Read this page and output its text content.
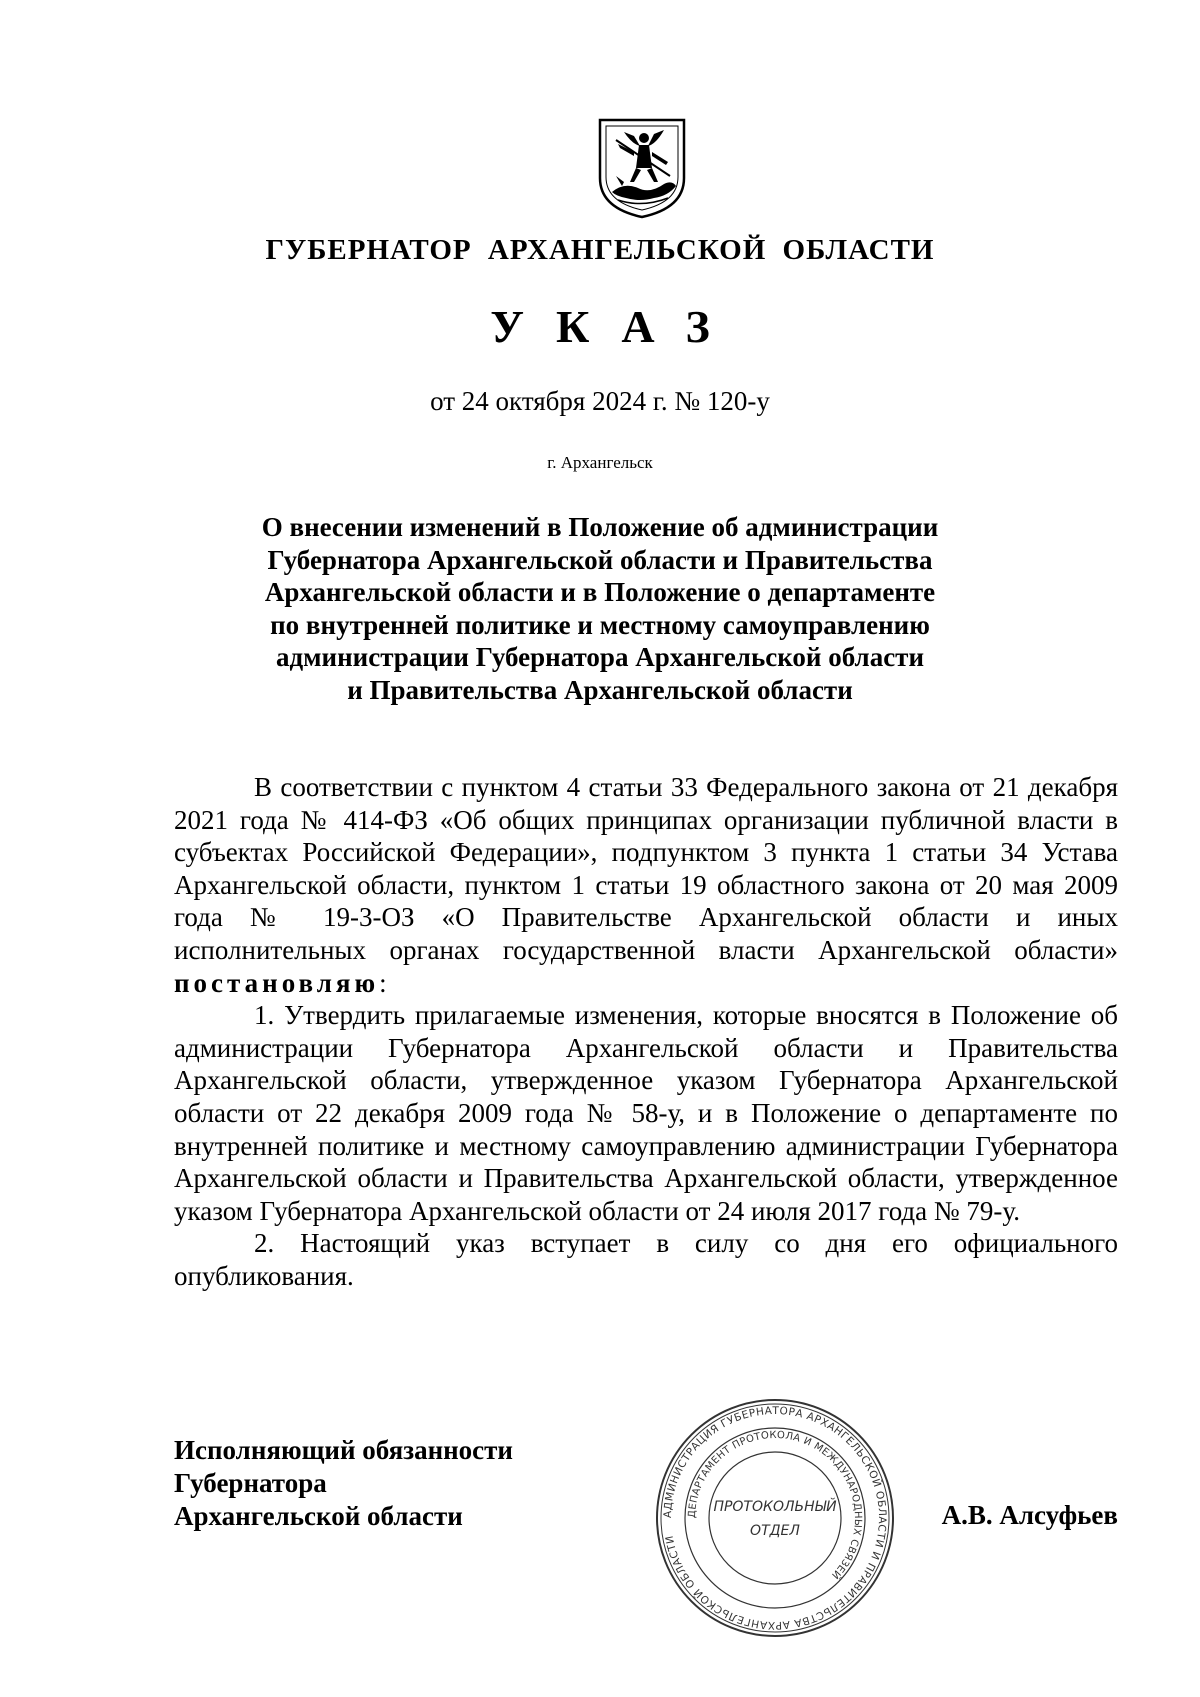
ГУБЕРНАТОР АРХАНГЕЛЬСКОЙ ОБЛАСТИ
УКАЗ
от 24 октября 2024 г. № 120-у
г. Архангельск
О внесении изменений в Положение об администрации
Губернатора Архангельской области и Правительства
Архангельской области и в Положение о департаменте
по внутренней политике и местному самоуправлению
администрации Губернатора Архангельской области
и Правительства Архангельской области

В соответствии с пунктом 4 статьи 33 Федерального закона от 21 декабря 2021 года № 414-ФЗ «Об общих принципах организации публичной власти в субъектах Российской Федерации», подпунктом 3 пункта 1 статьи 34 Устава Архангельской области, пунктом 1 статьи 19 областного закона от 20 мая 2009 года № 19-3-ОЗ «О Правительстве Архангельской области и иных исполнительных органах государственной власти Архангельской области» постановляю:

1. Утвердить прилагаемые изменения, которые вносятся в Положение об администрации Губернатора Архангельской области и Правительства Архангельской области, утвержденное указом Губернатора Архангельской области от 22 декабря 2009 года № 58-у, и в Положение о департаменте по внутренней политике и местному самоуправлению администрации Губернатора Архангельской области и Правительства Архангельской области, утвержденное указом Губернатора Архангельской области от 24 июля 2017 года № 79-у.

2. Настоящий указ вступает в силу со дня его официального опубликования.

Исполняющий обязанности
Губернатора
Архангельской области	АДМИНИСТРАЦИЯ ГУБЕРНАТОРА АРХАНГЕЛЬСКОЙ ОБЛАСТИ И ПРАВИТЕЛЬСТВА АРХАНГЕЛЬСКОЙ ОБЛАСТИ
ДЕПАРТАМЕНТ ПРОТОКОЛА И МЕЖДУНАРОДНЫХ СВЯЗЕЙ
ПРОТОКОЛЬНЫЙ
ОТДЕЛ
А.В. Алсуфьев
